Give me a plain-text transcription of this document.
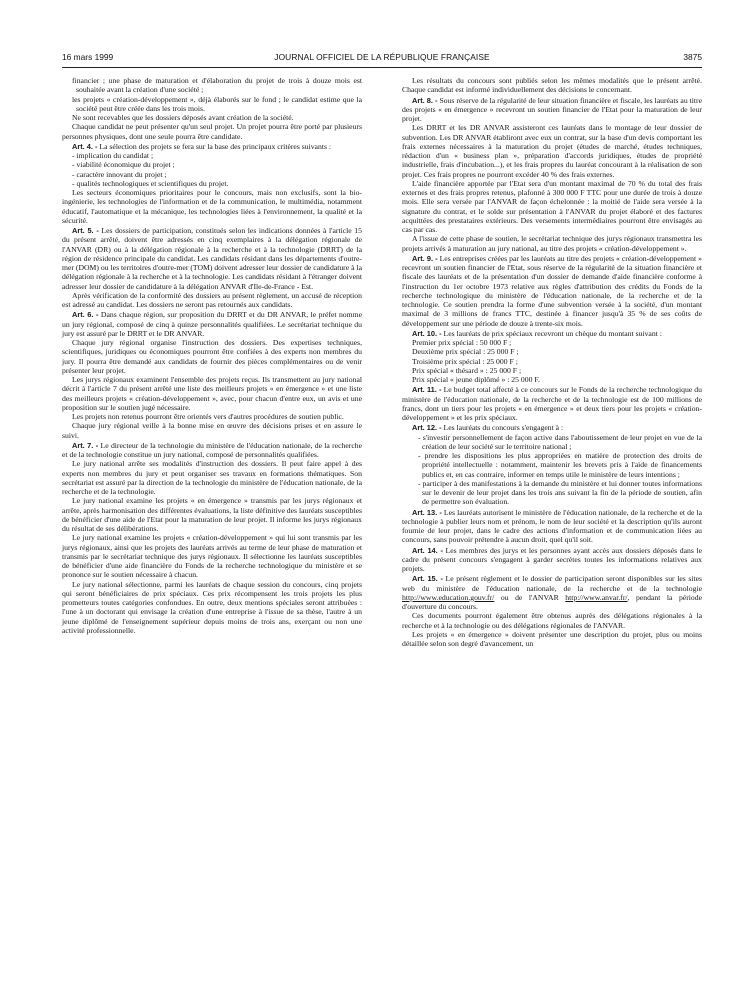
JOURNAL OFFICIEL DE LA RÉPUBLIQUE FRANÇAISE
16 mars 1999	3875

financier ; une phase de maturation et d'élaboration du projet de trois à douze mois est souhaitée avant la création d'une société ;

les projets « création-développement », déjà élaborés sur le fond ; le candidat estime que la société peut être créée dans les trois mois.

Ne sont recevables que les dossiers déposés avant création de la société.

Chaque candidat ne peut présenter qu'un seul projet. Un projet pourra être porté par plusieurs personnes physiques, dont une seule pourra être candidate.

Art. 4. - La sélection des projets se fera sur la base des principaux critères suivants :

- implication du candidat ;

- viabilité économique du projet ;

- caractère innovant du projet ;

- qualités technologiques et scientifiques du projet.

Les secteurs économiques prioritaires pour le concours, mais non exclusifs, sont la bio-ingénierie, les technologies de l'information et de la communication, le multimédia, notamment éducatif, l'automatique et la mécanique, les technologies liées à l'environnement, la qualité et la sécurité.

Art. 5. - Les dossiers de participation, constitués selon les indications données à l'article 15 du présent arrêté, doivent être adressés en cinq exemplaires à la délégation régionale de l'ANVAR (DR) ou à la délégation régionale à la recherche et à la technologie (DRRT) de la région de résidence principale du candidat. Les candidats résidant dans les départements d'outre-mer (DOM) ou les territoires d'outre-mer (TOM) doivent adresser leur dossier de candidature à la délégation régionale à la recherche et à la technologie. Les candidats résidant à l'étranger doivent adresser leur dossier de candidature à la délégation ANVAR d'Ile-de-France - Est.

Après vérification de la conformité des dossiers au présent règlement, un accusé de réception est adressé au candidat. Les dossiers ne seront pas retournés aux candidats.

Art. 6. - Dans chaque région, sur proposition du DRRT et du DR ANVAR, le préfet nomme un jury régional, composé de cinq à quinze personnalités qualifiées. Le secrétariat technique du jury est assuré par le DRRT et le DR ANVAR.

Chaque jury régional organise l'instruction des dossiers. Des expertises techniques, scientifiques, juridiques ou économiques pourront être confiées à des experts non membres du jury. Il pourra être demandé aux candidats de fournir des pièces complémentaires ou de venir présenter leur projet.

Les jurys régionaux examinent l'ensemble des projets reçus. Ils transmettent au jury national décrit à l'article 7 du présent arrêté une liste des meilleurs projets « en émergence » et une liste des meilleurs projets « création-développement », avec, pour chacun d'entre eux, un avis et une proposition sur le soutien jugé nécessaire.

Les projets non retenus pourront être orientés vers d'autres procédures de soutien public.

Chaque jury régional veille à la bonne mise en œuvre des décisions prises et en assure le suivi.

Art. 7. - Le directeur de la technologie du ministère de l'éducation nationale, de la recherche et de la technologie constitue un jury national, composé de personnalités qualifiées.

Le jury national arrête ses modalités d'instruction des dossiers. Il peut faire appel à des experts non membres du jury et peut organiser ses travaux en formations thématiques. Son secrétariat est assuré par la direction de la technologie du ministère de l'éducation nationale, de la recherche et de la technologie.

Le jury national examine les projets « en émergence » transmis par les jurys régionaux et arrête, après harmonisation des différentes évaluations, la liste définitive des lauréats susceptibles de bénéficier d'une aide de l'Etat pour la maturation de leur projet. Il informe les jurys régionaux du résultat de ses délibérations.

Le jury national examine les projets « création-développement » qui lui sont transmis par les jurys régionaux, ainsi que les projets des lauréats arrivés au terme de leur phase de maturation et transmis par le secrétariat technique des jurys régionaux. Il sélectionne les lauréats susceptibles de bénéficier d'une aide financière du Fonds de la recherche technologique du ministère et se prononce sur le soutien nécessaire à chacun.

Le jury national sélectionne, parmi les lauréats de chaque session du concours, cinq projets qui seront bénéficiaires de prix spéciaux. Ces prix récompensent les trois projets les plus prometteurs toutes catégories confondues. En outre, deux mentions spéciales seront attribuées : l'une à un doctorant qui envisage la création d'une entreprise à l'issue de sa thèse, l'autre à un jeune diplômé de l'enseignement supérieur depuis moins de trois ans, exerçant ou non une activité professionnelle.

Les résultats du concours sont publiés selon les mêmes modalités que le présent arrêté. Chaque candidat est informé individuellement des décisions le concernant.

Art. 8. - Sous réserve de la régularité de leur situation financière et fiscale, les lauréats au titre des projets « en émergence » recevront un soutien financier de l'Etat pour la maturation de leur projet.

Les DRRT et les DR ANVAR assisteront ces lauréats dans le montage de leur dossier de subvention. Les DR ANVAR établiront avec eux un contrat, sur la base d'un devis comportant les frais externes nécessaires à la maturation du projet (études de marché, études techniques, rédaction d'un « business plan », préparation d'accords juridiques, études de propriété industrielle, frais d'incubation...), et les frais propres du lauréat concourant à la réalisation de son projet. Ces frais propres ne pourront excéder 40 % des frais externes.

L'aide financière apportée par l'Etat sera d'un montant maximal de 70 % du total des frais externes et des frais propres retenus, plafonné à 300 000 F TTC pour une durée de trois à douze mois. Elle sera versée par l'ANVAR de façon échelonnée : la moitié de l'aide sera versée à la signature du contrat, et le solde sur présentation à l'ANVAR du projet élaboré et des factures acquittées des prestataires extérieurs. Des versements intermédiaires pourront être envisagés au cas par cas.

A l'issue de cette phase de soutien, le secrétariat technique des jurys régionaux transmettra les projets arrivés à maturation au jury national, au titre des projets « création-développement ».

Art. 9. - Les entreprises créées par les lauréats au titre des projets « création-développement » recevront un soutien financier de l'Etat, sous réserve de la régularité de la situation financière et fiscale des lauréats et de la présentation d'un dossier de demande d'aide financière conforme à l'instruction du 1er octobre 1973 relative aux règles d'attribution des crédits du Fonds de la recherche technologique du ministère de l'éducation nationale, de la recherche et de la technologie. Ce soutien prendra la forme d'une subvention versée à la société, d'un montant maximal de 3 millions de francs TTC, destinée à financer jusqu'à 35 % de ses coûts de développement sur une période de douze à trente-six mois.

Art. 10. - Les lauréats de prix spéciaux recevront un chèque du montant suivant :

Premier prix spécial : 50 000 F ;

Deuxième prix spécial : 25 000 F ;

Troisième prix spécial : 25 000 F ;

Prix spécial « thésard » : 25 000 F ;

Prix spécial « jeune diplômé » : 25 000 F.

Art. 11. - Le budget total affecté à ce concours sur le Fonds de la recherche technologique du ministère de l'éducation nationale, de la recherche et de la technologie est de 100 millions de francs, dont un tiers pour les projets « en émergence » et deux tiers pour les projets « création-développement » et les prix spéciaux.

Art. 12. - Les lauréats du concours s'engagent à :

- s'investir personnellement de façon active dans l'aboutissement de leur projet en vue de la création de leur société sur le territoire national ;

- prendre les dispositions les plus appropriées en matière de protection des droits de propriété intellectuelle : notamment, maintenir les brevets pris à l'aide de financements publics et, en cas contraire, informer en temps utile le ministère de leurs intentions ;

- participer à des manifestations à la demande du ministère et lui donner toutes informations sur le devenir de leur projet dans les trois ans suivant la fin de la période de soutien, afin de permettre son évaluation.

Art. 13. - Les lauréats autorisent le ministère de l'éducation nationale, de la recherche et de la technologie à publier leurs nom et prénom, le nom de leur société et la description qu'ils auront fournie de leur projet, dans le cadre des actions d'information et de communication liées au concours, sans pouvoir prétendre à aucun droit, quel qu'il soit.

Art. 14. - Les membres des jurys et les personnes ayant accès aux dossiers déposés dans le cadre du présent concours s'engagent à garder secrètes toutes les informations relatives aux projets.

Art. 15. - Le présent règlement et le dossier de participation seront disponibles sur les sites web du ministère de l'éducation nationale, de la recherche et de la technologie http://www.education.gouv.fr/ ou de l'ANVAR http://www.anvar.fr/, pendant la période d'ouverture du concours.

Ces documents pourront également être obtenus auprès des délégations régionales à la recherche et à la technologie ou des délégations régionales de l'ANVAR.

Les projets « en émergence » doivent présenter une description du projet, plus ou moins détaillée selon son degré d'avancement, un
